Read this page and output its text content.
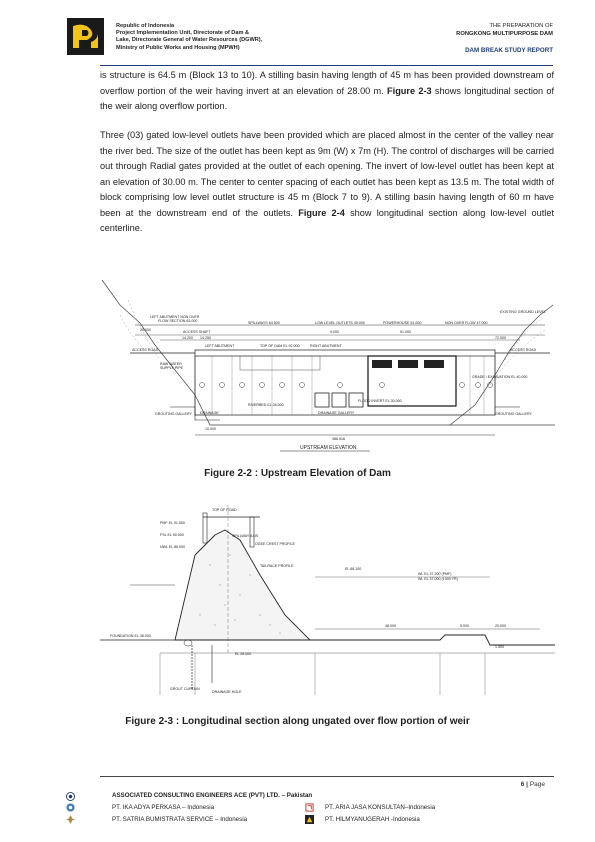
Republic of Indonesia
Project Implementation Unit, Directorate of Dam &
Lake, Directorate General of Water Resources (DGWR),
Ministry of Public Works and Housing (MPWH)
THE PREPARATION OF
RONGKONG MULTIPURPOSE DAM
DAM BREAK STUDY REPORT
is structure is 64.5 m (Block 13 to 10). A stilling basin having length of 45 m has been provided downstream of overflow portion of the weir having invert at an elevation of 28.00 m. Figure 2-3 shows longitudinal section of the weir along overflow portion.
Three (03) gated low-level outlets have been provided which are placed almost in the center of the valley near the river bed. The size of the outlet has been kept as 9m (W) x 7m (H). The control of discharges will be carried out through Radial gates provided at the outlet of each opening. The invert of low-level outlet has been kept at an elevation of 30.00 m. The center to center spacing of each outlet has been kept as 13.5 m. The total width of block comprising low level outlet structure is 45 m (Block 7 to 9). A stilling basin having length of 60 m have been at the downstream end of the outlets. Figure 2-4 show longitudinal section along low-level outlet centerline.
LEFT ABUTMENT NON OVER
FLOW SECTION 63.000	SPILLWAYS 64.500	LOW LEVEL OUTLETS 45.000	POWERHOUSE 51.000	NON OVER FLOW 47.000
EXISTING GROUND LEVEL
ACCESS ROAD	ACCESS ROAD
ACCESS SHAFT
TOP OF DAM EL 92.000	RIGHT ABUTMENT
LEFT ABUTMENT
RAW WATER
SUPPLY PIPE
RIVERBED EL 28.000
FLOOD INVERT EL 30.000
GRADE / EXCAVATION EL 40.000
GROUTING GALLERY DRAINAGE	DRAINAGE GALLERY	GROUTING GALLERY
20.000
14.200 14.250
51.000
9.000
72.000
10.000
386.516
UPSTREAM ELEVATION
Figure 2-2 : Upstream Elevation of Dam
TOP OF ROAD
SPILLWAY AXIS
OGEE CREST PROFILE
TAILRACE PROFILE
PMF EL 91.500
FSL EL 90.000
NWL EL 86.000
EL 68.100
WL EL 37.200 (PMF)
WL EL 37.000 (1000 YR)
EL 28.000
FOUNDATION EL 38.000
GROUT CURTAIN
DRAINAGE HOLE
48.000	20.000
5.000
1.500
Figure 2-3 : Longitudinal section along ungated over flow portion of weir
6 | Page
ASSOCIATED CONSULTING ENGINEERS ACE (PVT) LTD. – Pakistan
PT. IKA ADYA PERKASA – Indonesia
PT. SATRIA BUMISTRATA SERVICE – Indonesia
PT. ARIA JASA KONSULTAN–Indonesia
PT. HILMYANUGERAH -Indonesia
